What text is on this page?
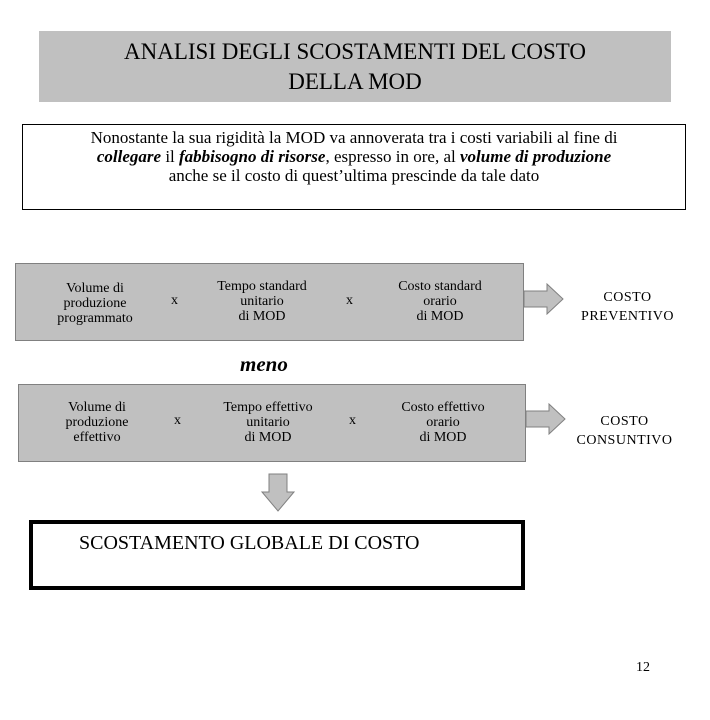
ANALISI DEGLI SCOSTAMENTI DEL COSTO
DELLA MOD
Nonostante la sua rigidità la MOD va annoverata tra i costi variabili al fine di
collegare il fabbisogno di risorse, espresso in ore, al volume di produzione
anche se il costo di quest’ultima prescinde da tale dato
Volume di
produzione
programmato
x
Tempo standard
unitario
di MOD
x
Costo standard
orario
di MOD
COSTO
PREVENTIVO
meno
Volume di
produzione
effettivo
x
Tempo effettivo
unitario
di MOD
x
Costo effettivo
orario
di MOD
COSTO
CONSUNTIVO
SCOSTAMENTO GLOBALE DI COSTO
12
